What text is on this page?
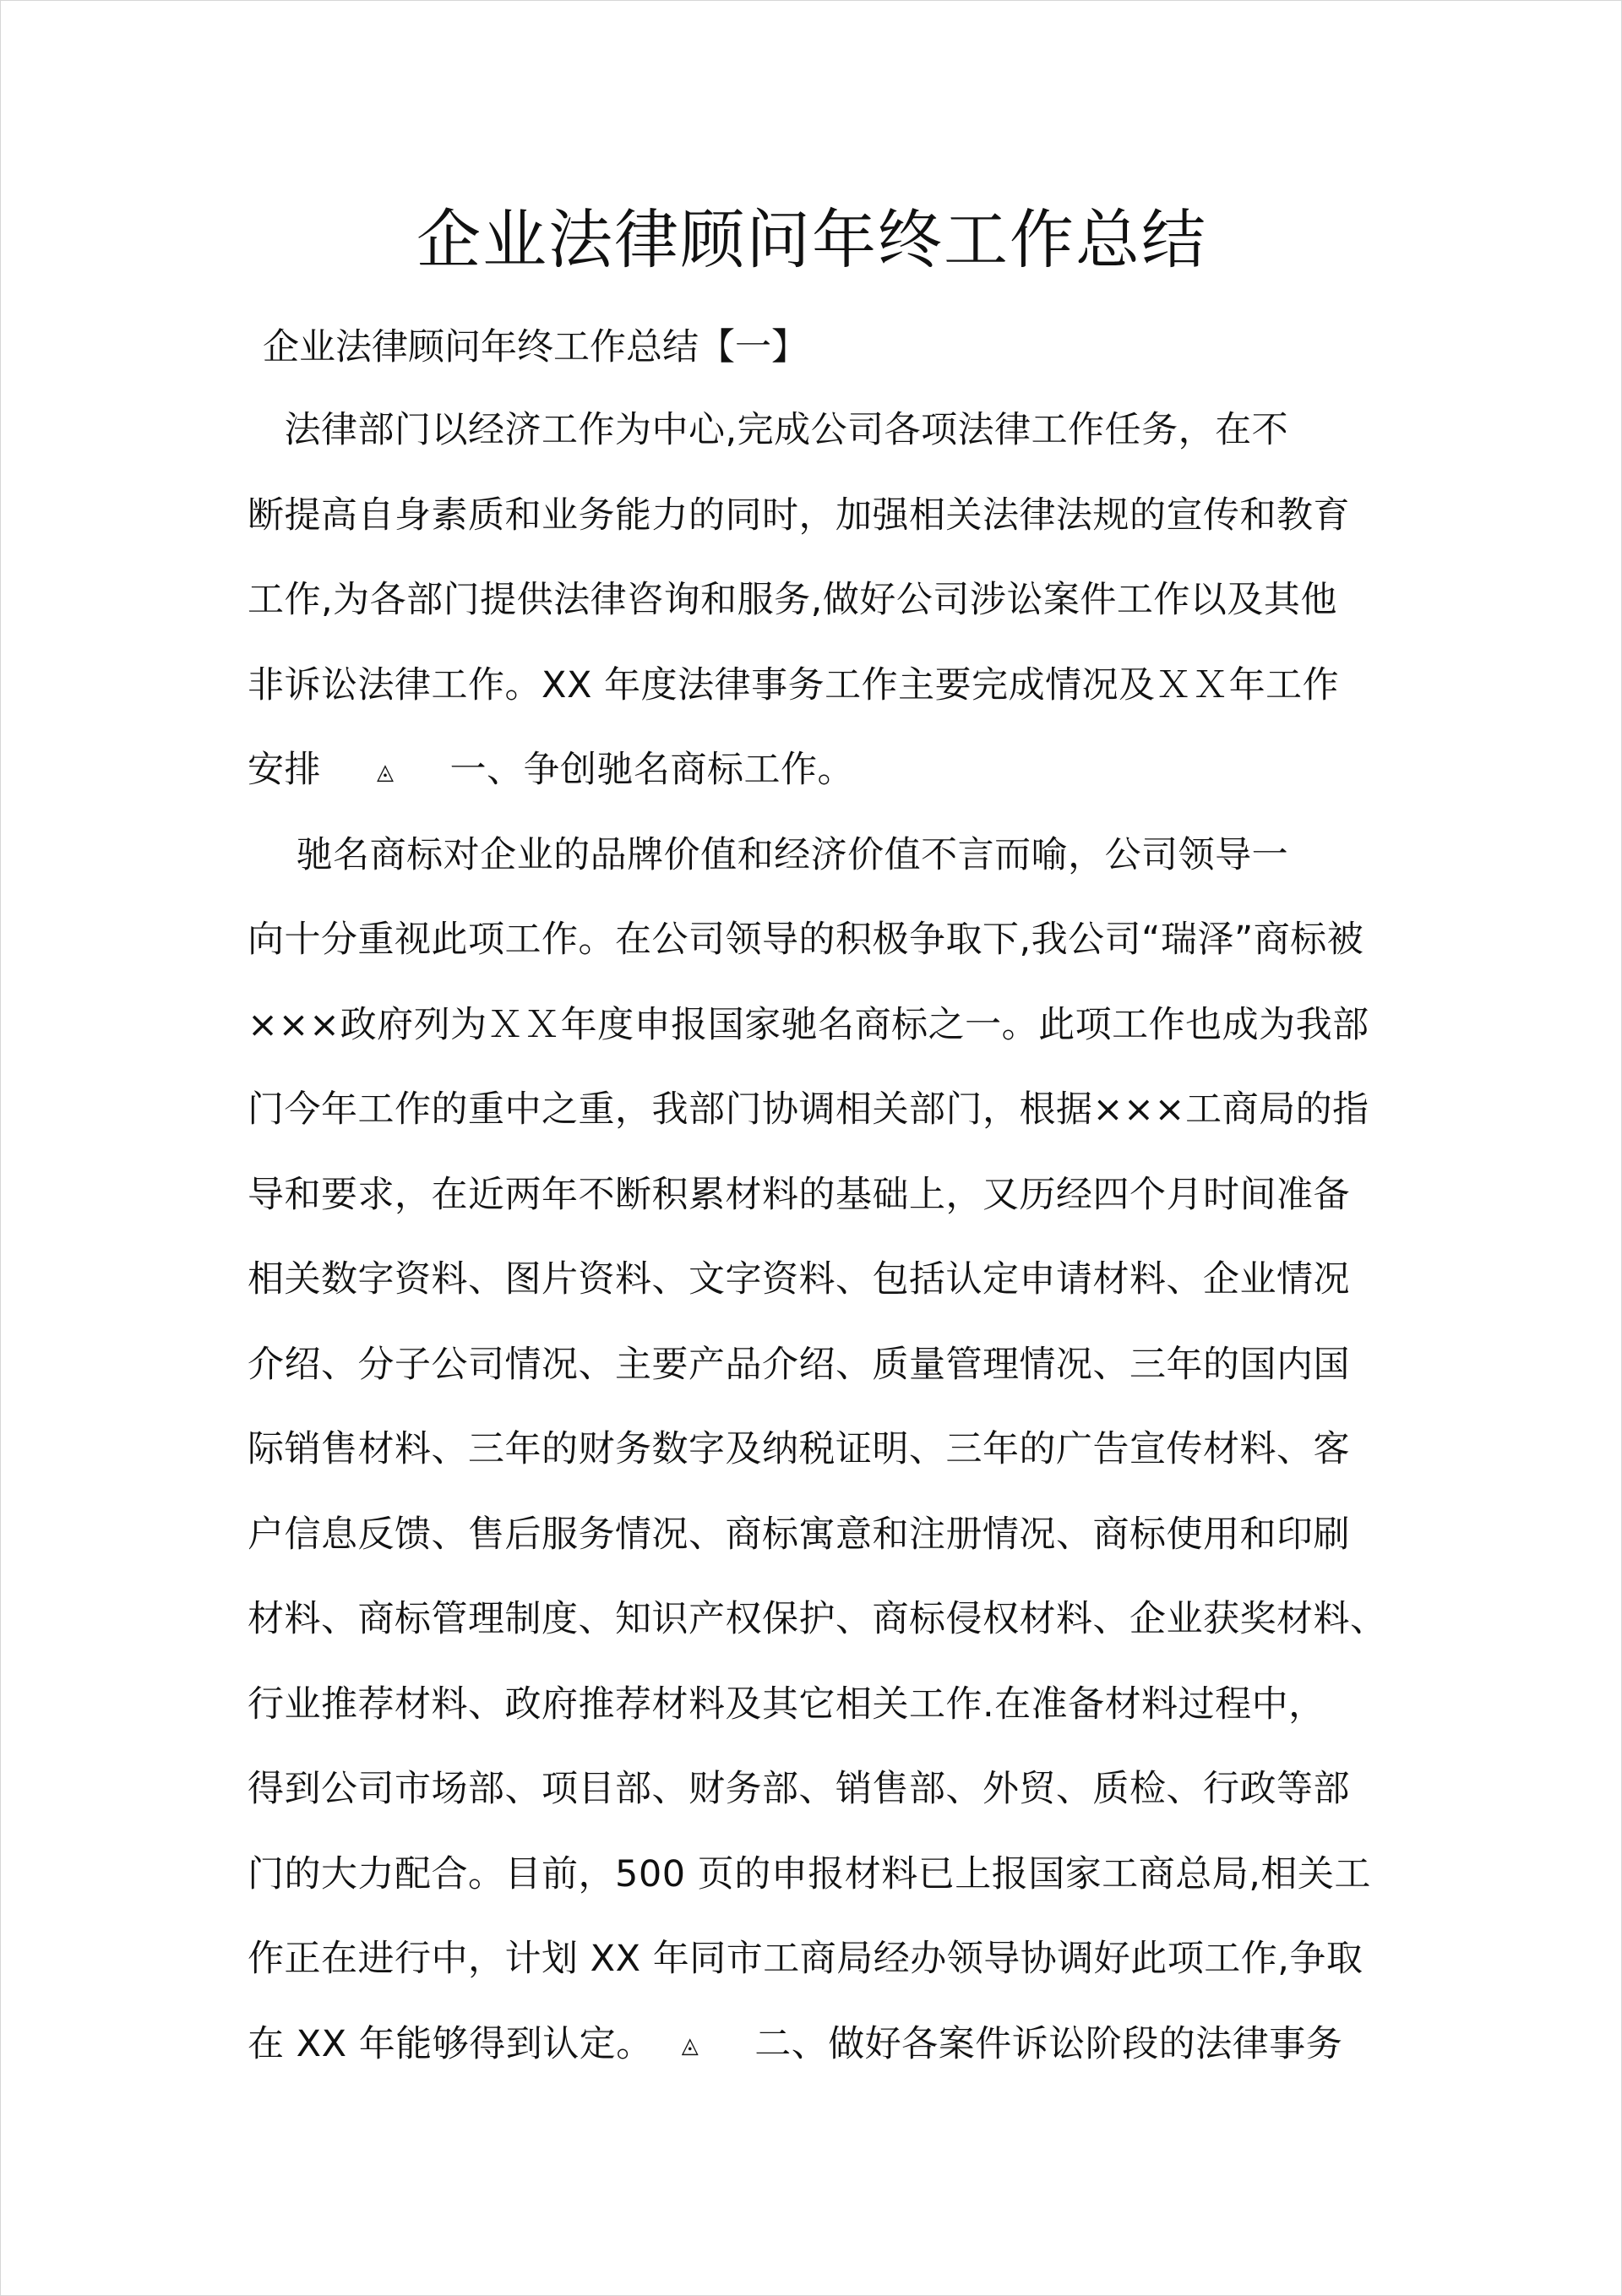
企业法律顾问年终工作总结
企业法律顾问年终工作总结【一】
　法律部门以经济工作为中心,完成公司各项法律工作任务，在不
断提高自身素质和业务能力的同时，加强相关法律法规的宣传和教育
工作,为各部门提供法律咨询和服务,做好公司涉讼案件工作以及其他
非诉讼法律工作。XX 年度法律事务工作主要完成情况及ＸＸ年工作
安排	◬ 一、争创驰名商标工作。
　 驰名商标对企业的品牌价值和经济价值不言而喻，公司领导一
向十分重视此项工作。在公司领导的积极争取下,我公司“瑞泽”商标被
×××政府列为ＸＸ年度申报国家驰名商标之一。此项工作也成为我部
门今年工作的重中之重，我部门协调相关部门，根据×××工商局的指
导和要求，在近两年不断积累材料的基础上，又历经四个月时间准备
相关数字资料、图片资料、文字资料、包括认定申请材料、企业情况
介绍、分子公司情况、主要产品介绍、质量管理情况、三年的国内国
际销售材料、三年的财务数字及纳税证明、三年的广告宣传材料、客
户信息反馈、售后服务情况、商标寓意和注册情况、商标使用和印刷
材料、商标管理制度、知识产权保护、商标侵权材料、企业获奖材料、
行业推荐材料、政府推荐材料及其它相关工作.在准备材料过程中，
得到公司市场部、项目部、财务部、销售部、外贸、质检、行政等部
门的大力配合。目前，500 页的申报材料已上报国家工商总局,相关工
作正在进行中，计划 XX 年同市工商局经办领导协调好此项工作,争取
在 XX 年能够得到认定。 ◬ 二、做好各案件诉讼阶段的法律事务
